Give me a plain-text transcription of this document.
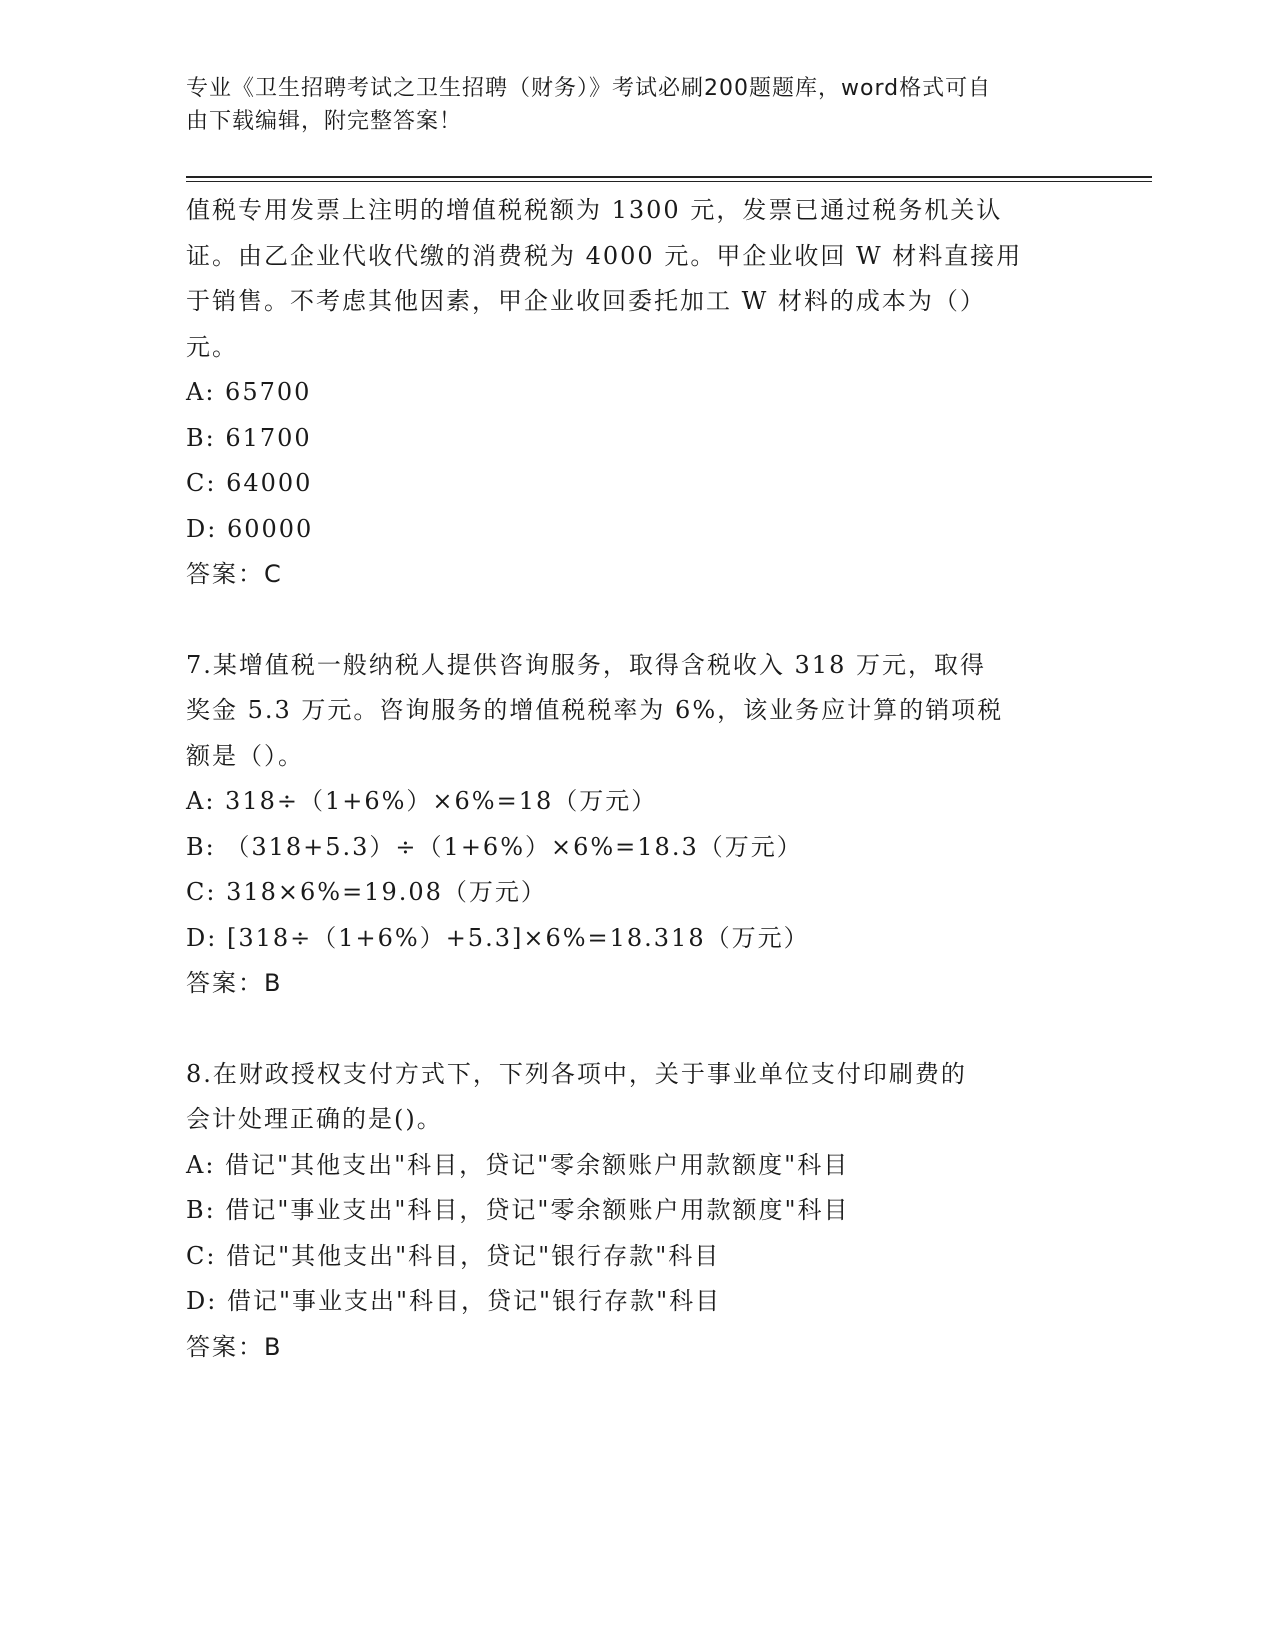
专业《卫生招聘考试之卫生招聘（财务）》考试必刷200题题库，word格式可自
由下载编辑，附完整答案！
值税专用发票上注明的增值税税额为 1300 元，发票已通过税务机关认
证。由乙企业代收代缴的消费税为 4000 元。甲企业收回 W 材料直接用
于销售。不考虑其他因素，甲企业收回委托加工 W 材料的成本为（）
元。
A: 65700
B: 61700
C: 64000
D: 60000
答案：C
7.某增值税一般纳税人提供咨询服务，取得含税收入 318 万元，取得
奖金 5.3 万元。咨询服务的增值税税率为 6%，该业务应计算的销项税
额是（）。
A: 318÷（1+6%）×6%=18（万元）
B: （318+5.3）÷（1+6%）×6%=18.3（万元）
C: 318×6%=19.08（万元）
D: [318÷（1+6%）+5.3]×6%=18.318（万元）
答案：B
8.在财政授权支付方式下，下列各项中，关于事业单位支付印刷费的
会计处理正确的是()。
A: 借记"其他支出"科目，贷记"零余额账户用款额度"科目
B: 借记"事业支出"科目，贷记"零余额账户用款额度"科目
C: 借记"其他支出"科目，贷记"银行存款"科目
D: 借记"事业支出"科目，贷记"银行存款"科目
答案：B
